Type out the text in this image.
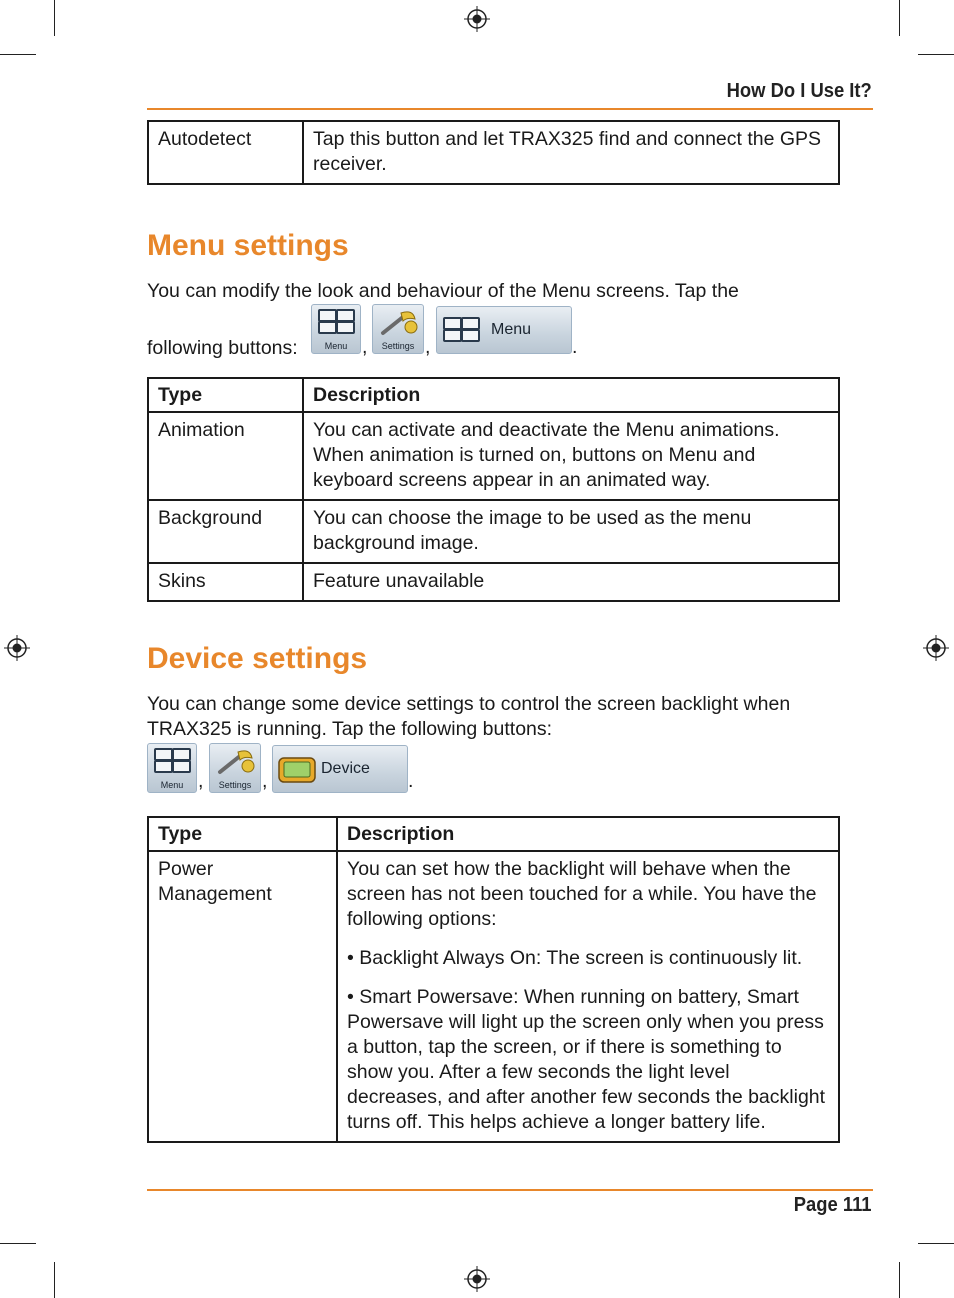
How Do I Use It?
Autodetect	Tap this button and let TRAX325 find and connect the GPS receiver.
Menu settings
You can modify the look and behaviour of the Menu screens. Tap the
following buttons:	Menu ,	Settings ,
Menu
.
Type	Description
Animation	You can activate and deactivate the Menu animations. When animation is turned on, buttons on Menu and keyboard screens appear in an animated way.
Background	You can choose the image to be used as the menu background image.
Skins	Feature unavailable
Device settings
You can change some device settings to control the screen backlight when TRAX325 is running. Tap the following buttons:
Menu ,	Settings ,
Device
.
Type	Description
Power Management	You can set how the backlight will behave when the screen has not been touched for a while. You have the following options:

• Backlight Always On: The screen is continuously lit.

• Smart Powersave: When running on battery, Smart Powersave will light up the screen only when you press a button, tap the screen, or if there is something to show you. After a few seconds the light level decreases, and after another few seconds the backlight turns off. This helps achieve a longer battery life.

Page 111
